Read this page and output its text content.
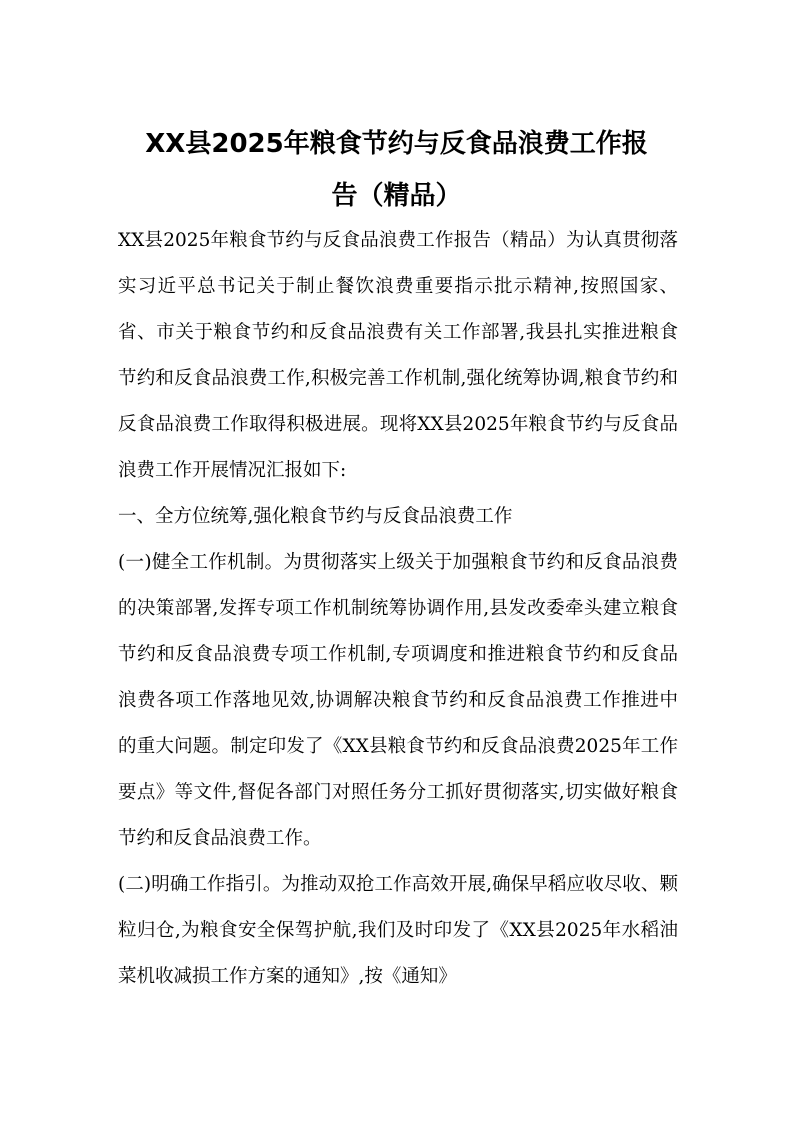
XX县2025年粮食节约与反食品浪费工作报
告（精品）

XX县2025年粮食节约与反食品浪费工作报告（精品）为认真贯彻落实习近平总书记关于制止餐饮浪费重要指示批示精神,按照国家、省、市关于粮食节约和反食品浪费有关工作部署,我县扎实推进粮食节约和反食品浪费工作,积极完善工作机制,强化统筹协调,粮食节约和反食品浪费工作取得积极进展。现将XX县2025年粮食节约与反食品浪费工作开展情况汇报如下:

一、全方位统筹,强化粮食节约与反食品浪费工作

(一)健全工作机制。为贯彻落实上级关于加强粮食节约和反食品浪费的决策部署,发挥专项工作机制统筹协调作用,县发改委牵头建立粮食节约和反食品浪费专项工作机制,专项调度和推进粮食节约和反食品浪费各项工作落地见效,协调解决粮食节约和反食品浪费工作推进中的重大问题。制定印发了《XX县粮食节约和反食品浪费2025年工作要点》等文件,督促各部门对照任务分工抓好贯彻落实,切实做好粮食节约和反食品浪费工作。

(二)明确工作指引。为推动双抢工作高效开展,确保早稻应收尽收、颗粒归仓,为粮食安全保驾护航,我们及时印发了《XX县2025年水稻油菜机收减损工作方案的通知》,按《通知》
